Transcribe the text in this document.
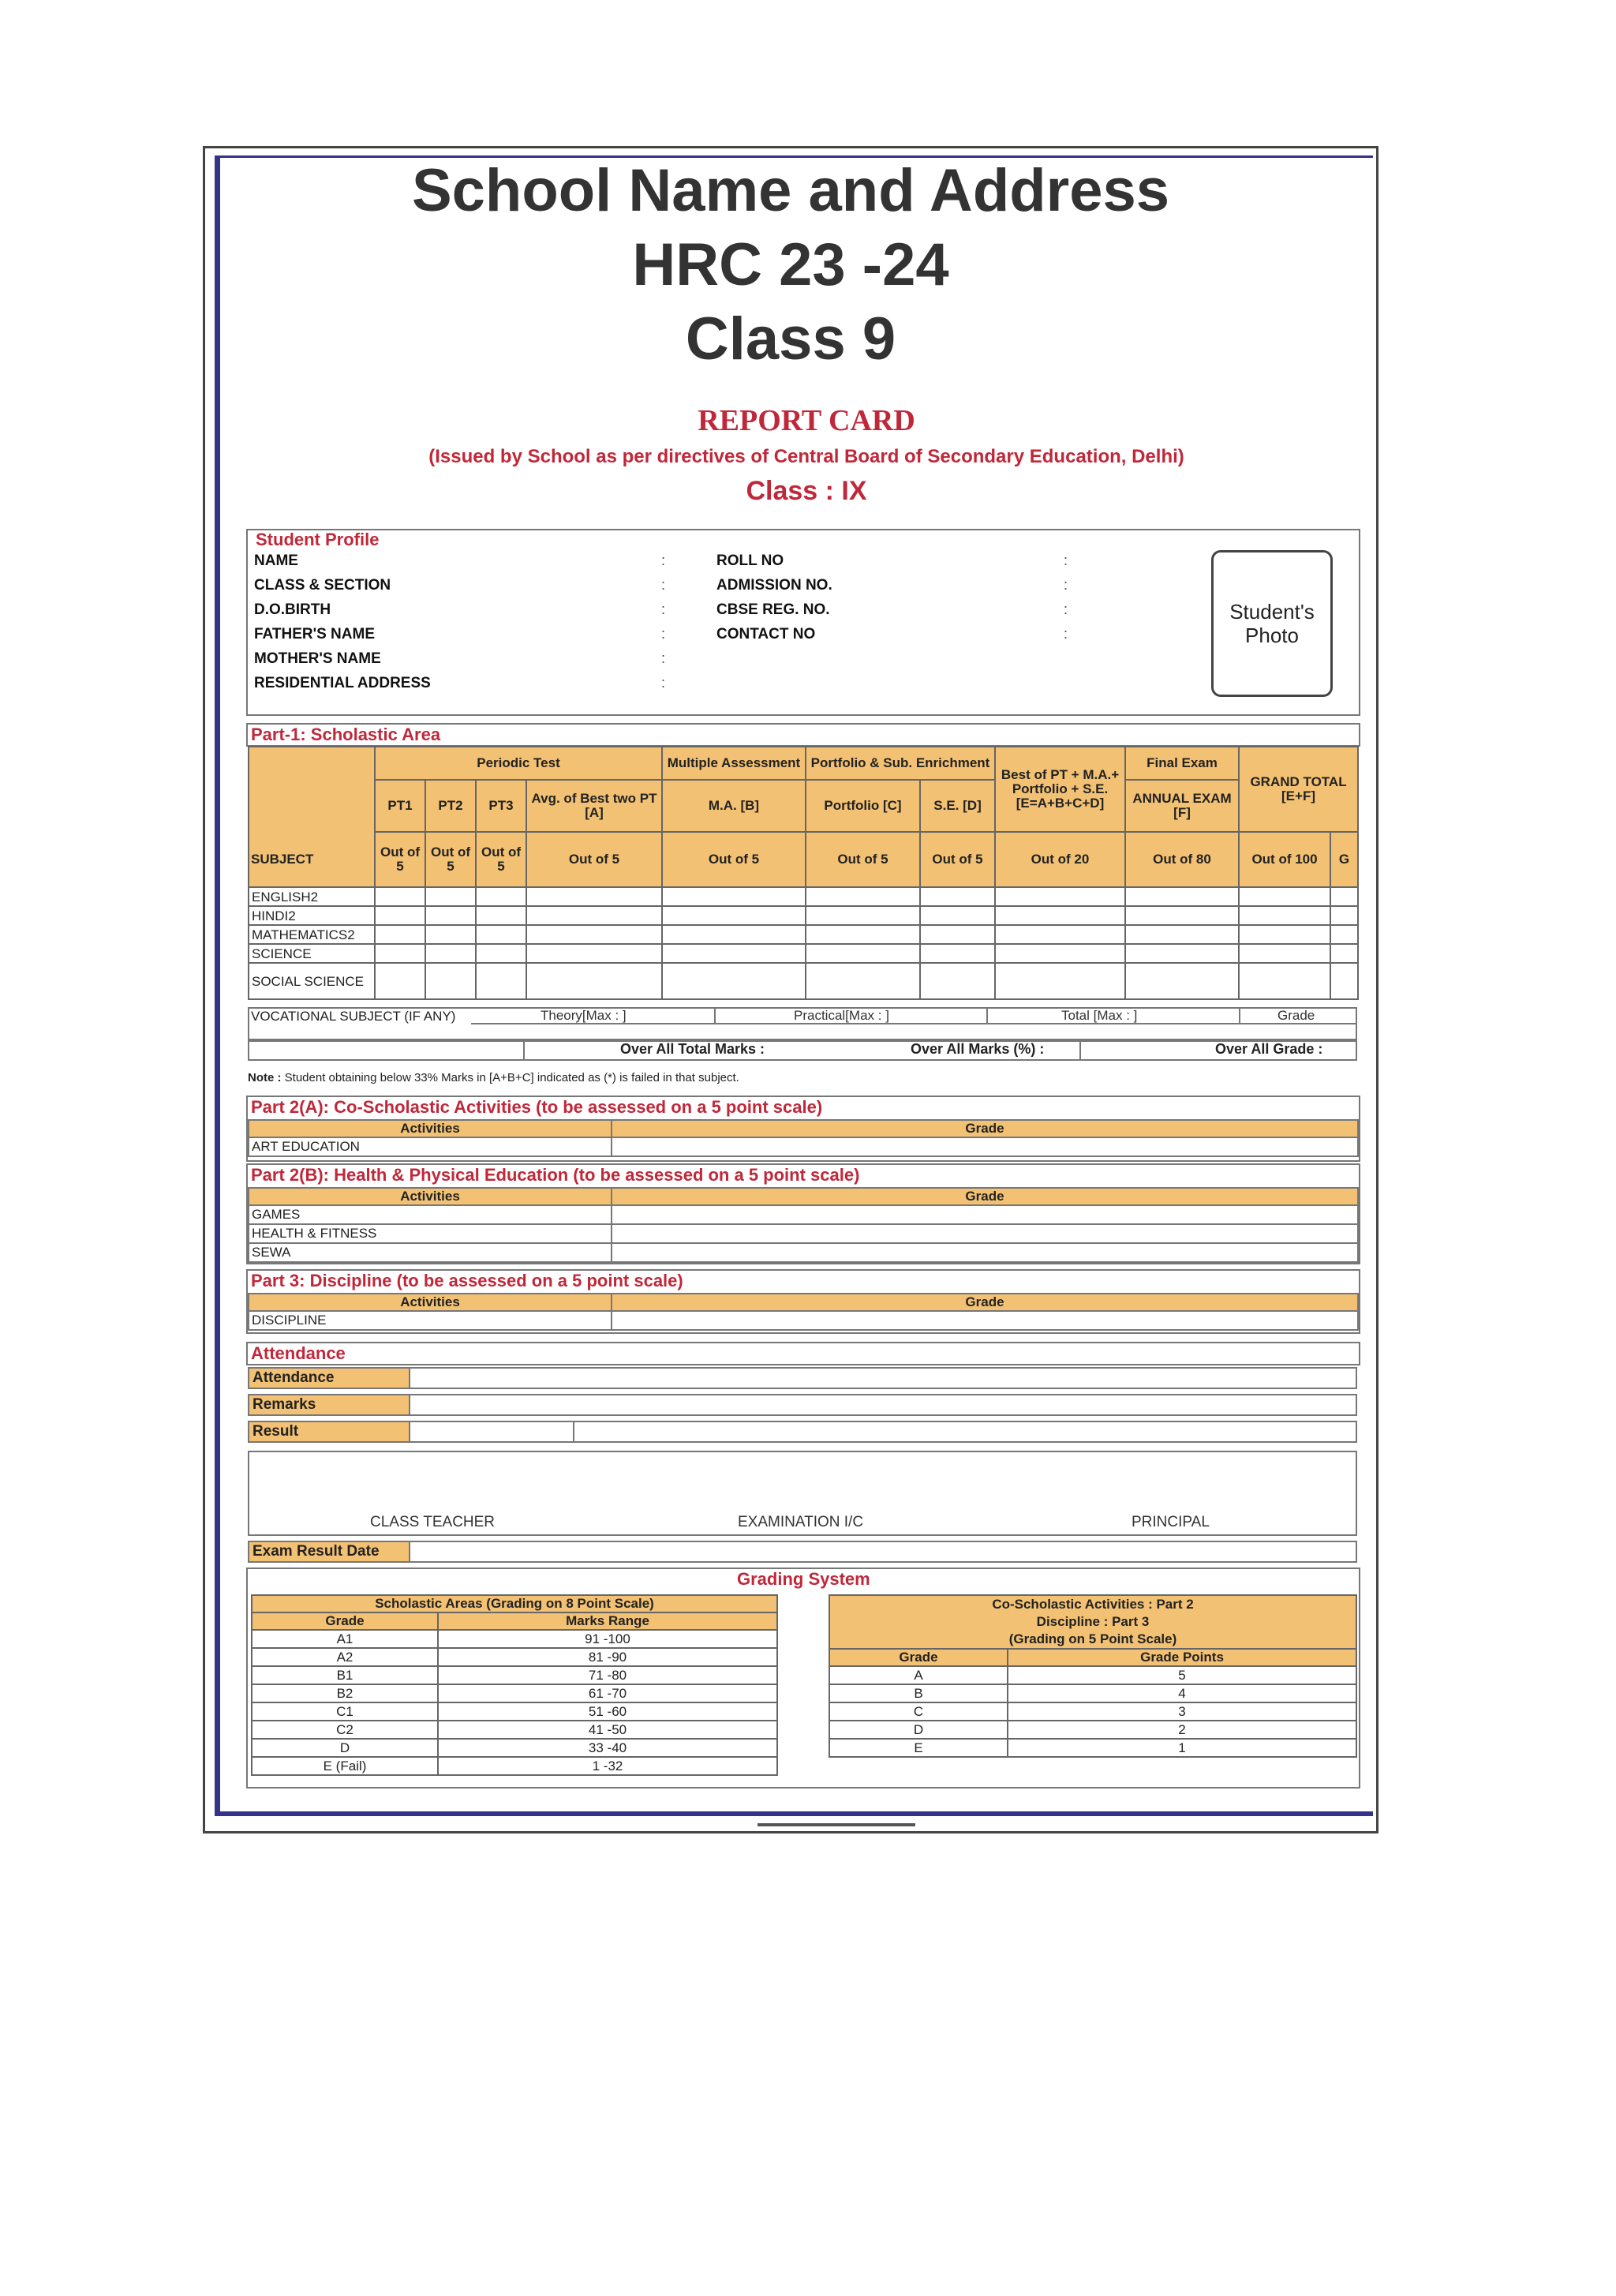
School Name and Address
HRC 23 -24
Class 9
REPORT CARD
(Issued by School as per directives of Central Board of Secondary Education, Delhi)
Class : IX
Student Profile
NAME	:
CLASS & SECTION	:
D.O.BIRTH	:
FATHER'S NAME	:
MOTHER'S NAME	:
RESIDENTIAL ADDRESS	:
ROLL NO	:
ADMISSION NO.	:
CBSE REG. NO.	:
CONTACT NO	:
Student's
Photo
Part-1: Scholastic Area
	Periodic Test				Multiple Assessment	Portfolio & Sub. Enrichment		Best of PT + M.A.+ Portfolio + S.E. [E=A+B+C+D]	Final Exam	GRAND TOTAL [E+F]	
	PT1	PT2	PT3	Avg. of Best two PT [A]	M.A. [B]	Portfolio [C]	S.E. [D]		ANNUAL EXAM [F]		
SUBJECT	Out of 5	Out of 5	Out of 5	Out of 5	Out of 5	Out of 5	Out of 5	Out of 20	Out of 80	Out of 100	G
ENGLISH2											
HINDI2											
MATHEMATICS2											
SCIENCE											
SOCIAL SCIENCE											
VOCATIONAL SUBJECT (IF ANY)	Theory[Max : ]	Practical[Max : ]	Total [Max : ]	Grade
Over All Total Marks :	Over All Marks (%) :	Over All Grade :
Note : Student obtaining below 33% Marks in [A+B+C] indicated as (*) is failed in that subject.
Part 2(A): Co-Scholastic Activities (to be assessed on a 5 point scale)
Activities	Grade
ART EDUCATION	
Part 2(B): Health & Physical Education (to be assessed on a 5 point scale)
Activities	Grade
GAMES	
HEALTH & FITNESS	
SEWA	
Part 3: Discipline (to be assessed on a 5 point scale)
Activities	Grade
DISCIPLINE	
Attendance
Attendance
Remarks
Result
CLASS TEACHER	EXAMINATION I/C	PRINCIPAL
Exam Result Date
Grading System
Scholastic Areas (Grading on 8 Point Scale)	
Grade	Marks Range
A1	91 -100
A2	81 -90
B1	71 -80
B2	61 -70
C1	51 -60
C2	41 -50
D	33 -40
E (Fail)	1 -32
Co-Scholastic Activities : Part 2
Discipline : Part 3
(Grading on 5 Point Scale)	
Grade	Grade Points
A	5
B	4
C	3
D	2
E	1
